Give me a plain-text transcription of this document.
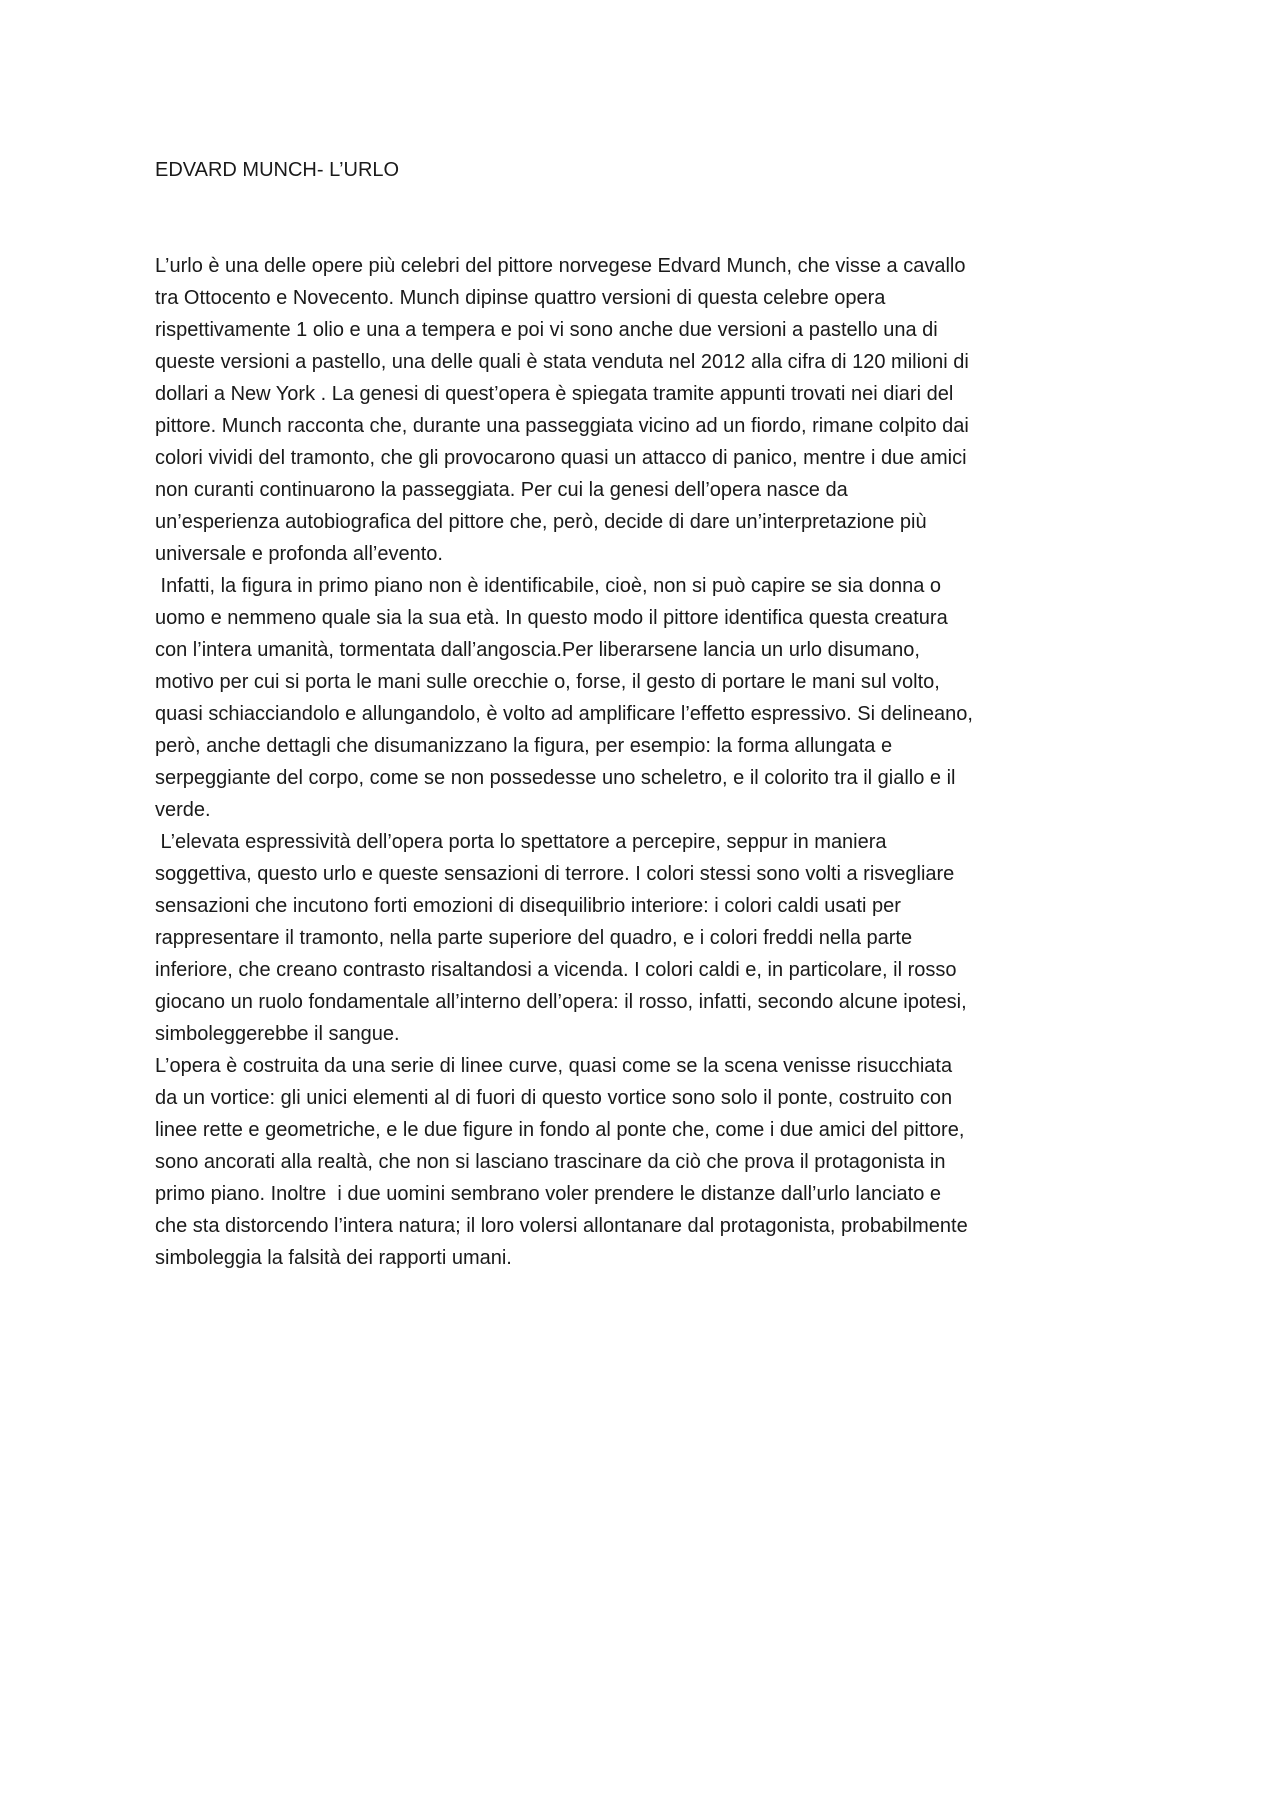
EDVARD MUNCH- L’URLO
L’urlo è una delle opere più celebri del pittore norvegese Edvard Munch, che visse a cavallo
tra Ottocento e Novecento. Munch dipinse quattro versioni di questa celebre opera
rispettivamente 1 olio e una a tempera e poi vi sono anche due versioni a pastello una di
queste versioni a pastello, una delle quali è stata venduta nel 2012 alla cifra di 120 milioni di
dollari a New York . La genesi di quest’opera è spiegata tramite appunti trovati nei diari del
pittore. Munch racconta che, durante una passeggiata vicino ad un fiordo, rimane colpito dai
colori vividi del tramonto, che gli provocarono quasi un attacco di panico, mentre i due amici
non curanti continuarono la passeggiata. Per cui la genesi dell’opera nasce da
un’esperienza autobiografica del pittore che, però, decide di dare un’interpretazione più
universale e profonda all’evento.
Infatti, la figura in primo piano non è identificabile, cioè, non si può capire se sia donna o
uomo e nemmeno quale sia la sua età. In questo modo il pittore identifica questa creatura
con l’intera umanità, tormentata dall’angoscia.Per liberarsene lancia un urlo disumano,
motivo per cui si porta le mani sulle orecchie o, forse, il gesto di portare le mani sul volto,
quasi schiacciandolo e allungandolo, è volto ad amplificare l’effetto espressivo. Si delineano,
però, anche dettagli che disumanizzano la figura, per esempio: la forma allungata e
serpeggiante del corpo, come se non possedesse uno scheletro, e il colorito tra il giallo e il
verde.
L’elevata espressività dell’opera porta lo spettatore a percepire, seppur in maniera
soggettiva, questo urlo e queste sensazioni di terrore. I colori stessi sono volti a risvegliare
sensazioni che incutono forti emozioni di disequilibrio interiore: i colori caldi usati per
rappresentare il tramonto, nella parte superiore del quadro, e i colori freddi nella parte
inferiore, che creano contrasto risaltandosi a vicenda. I colori caldi e, in particolare, il rosso
giocano un ruolo fondamentale all’interno dell’opera: il rosso, infatti, secondo alcune ipotesi,
simboleggerebbe il sangue.
L’opera è costruita da una serie di linee curve, quasi come se la scena venisse risucchiata
da un vortice: gli unici elementi al di fuori di questo vortice sono solo il ponte, costruito con
linee rette e geometriche, e le due figure in fondo al ponte che, come i due amici del pittore,
sono ancorati alla realtà, che non si lasciano trascinare da ciò che prova il protagonista in
primo piano. Inoltre  i due uomini sembrano voler prendere le distanze dall’urlo lanciato e
che sta distorcendo l’intera natura; il loro volersi allontanare dal protagonista, probabilmente
simboleggia la falsità dei rapporti umani.
